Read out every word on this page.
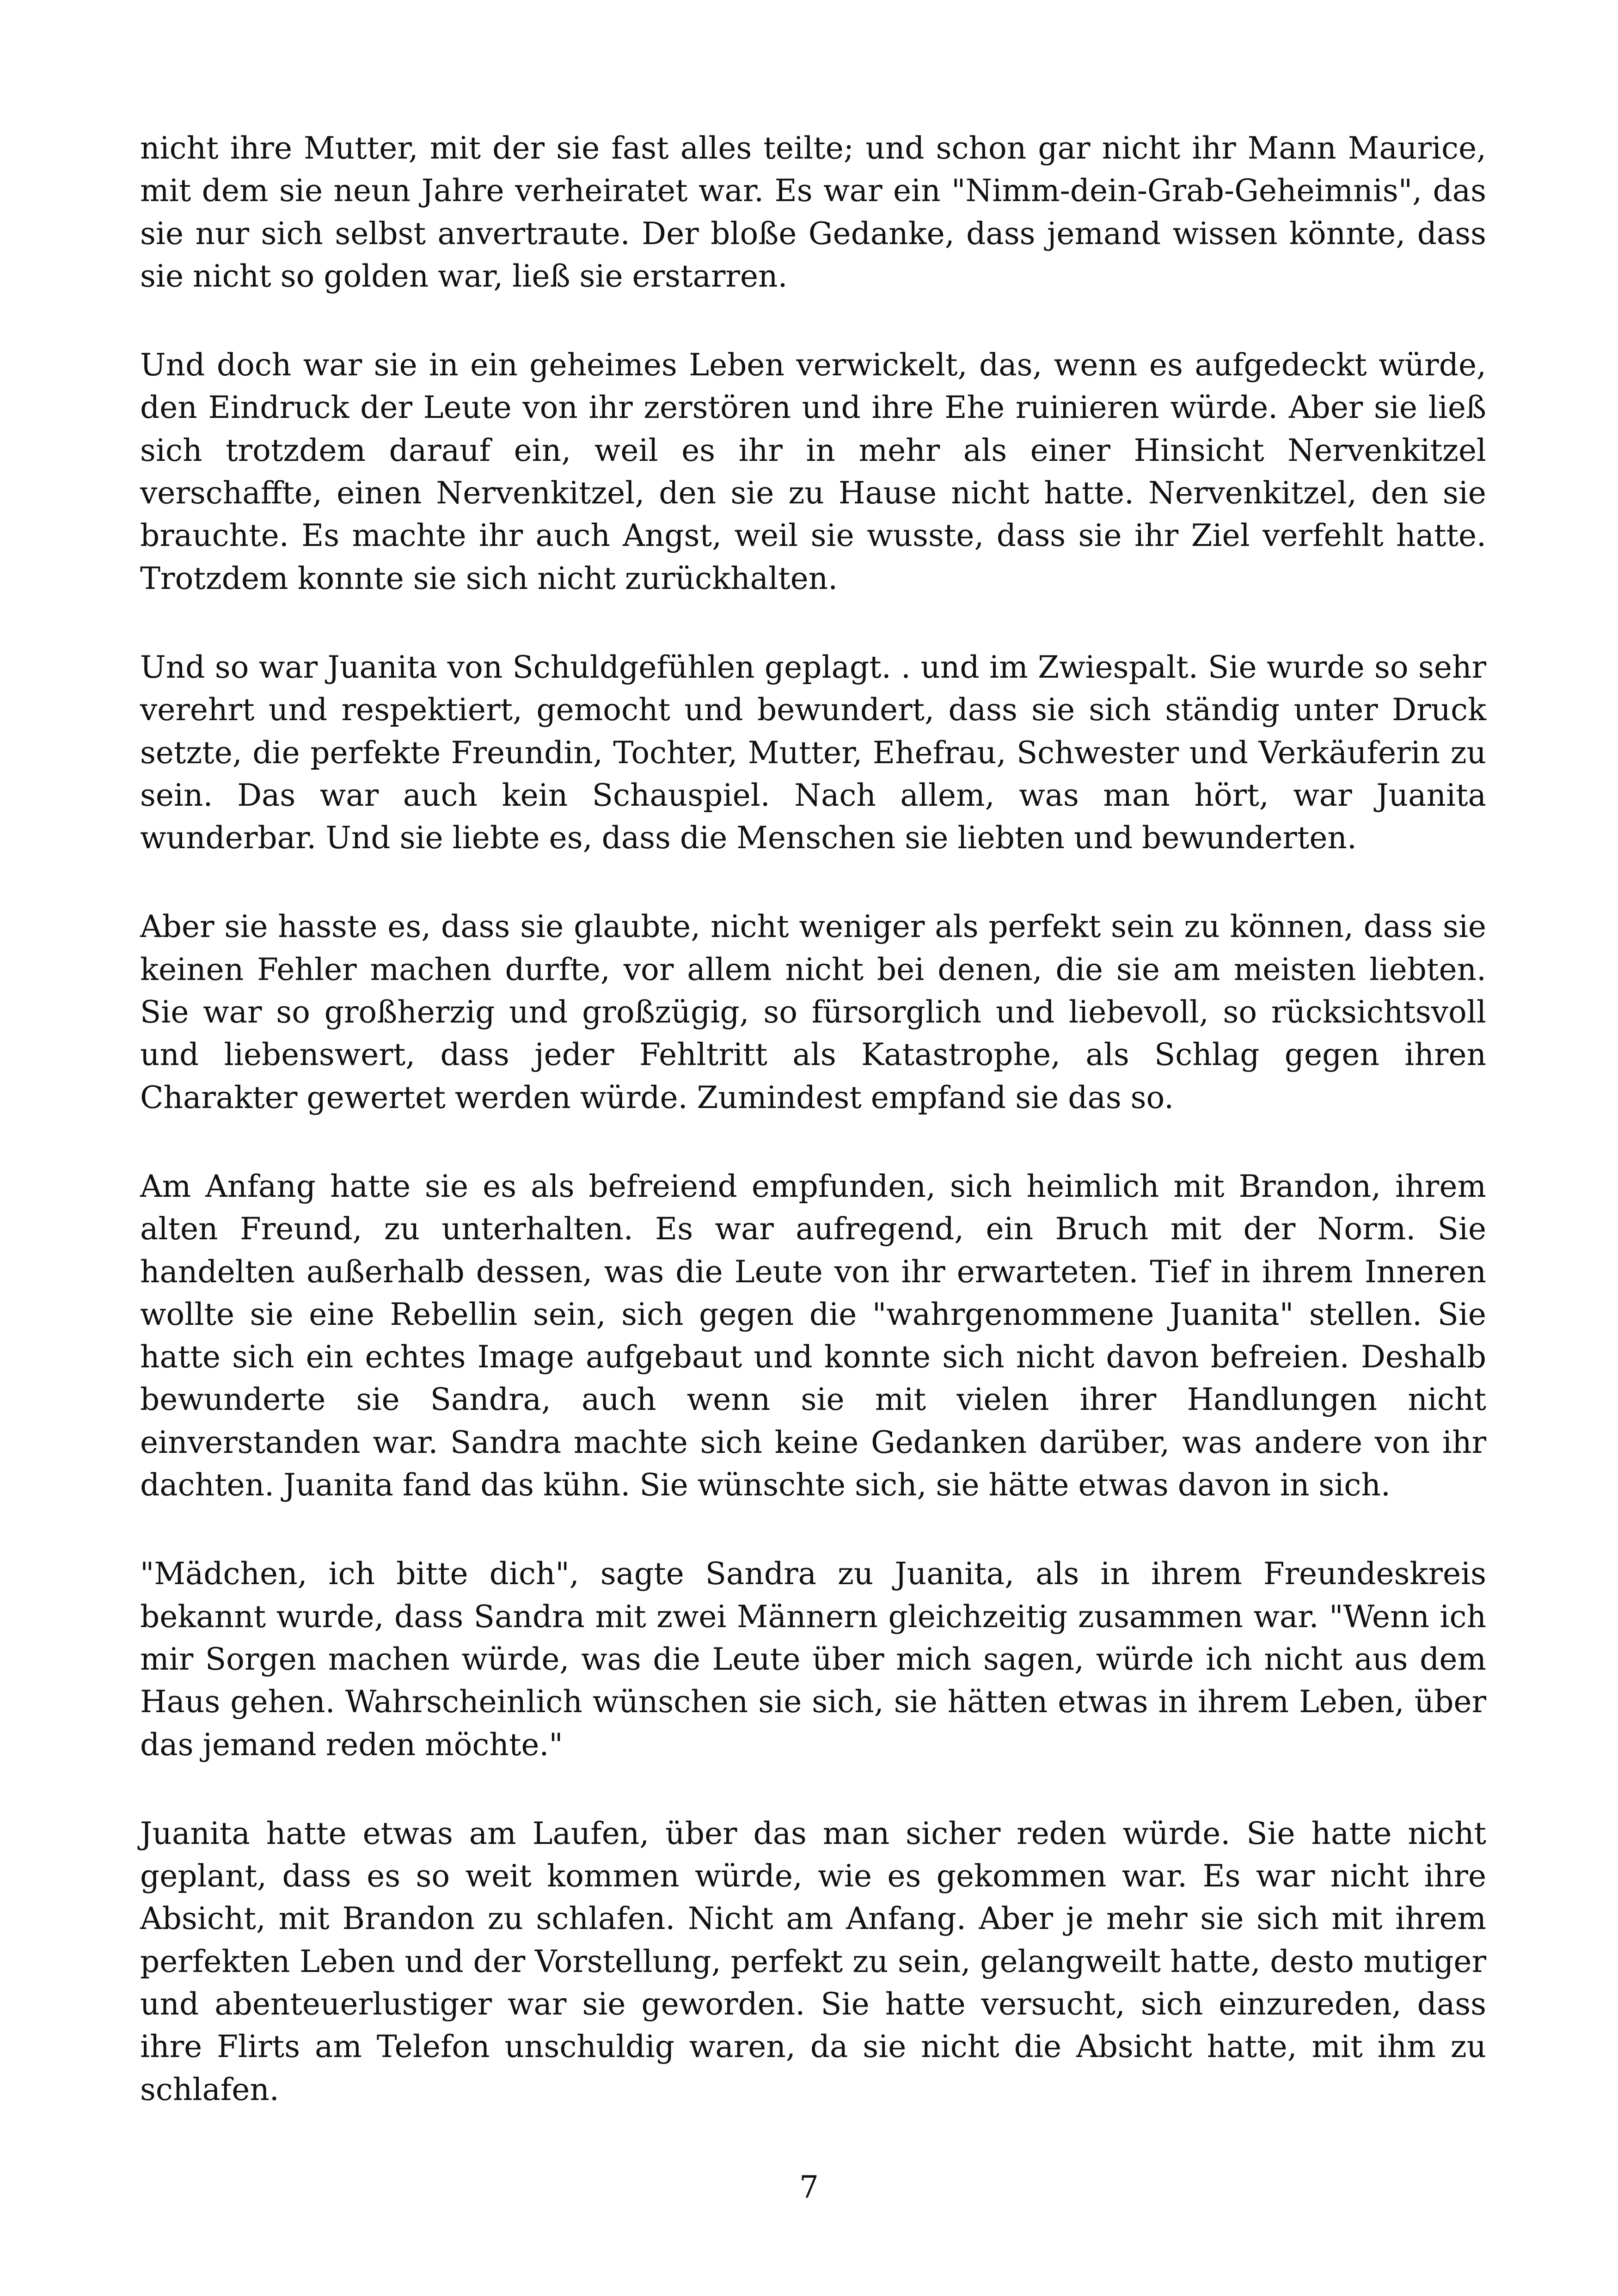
nicht ihre Mutter, mit der sie fast alles teilte; und schon gar nicht ihr Mann Maurice, mit dem sie neun Jahre verheiratet war. Es war ein "Nimm-dein-Grab-Geheimnis", das sie nur sich selbst anvertraute. Der bloße Gedanke, dass jemand wissen könnte, dass sie nicht so golden war, ließ sie erstarren.

Und doch war sie in ein geheimes Leben verwickelt, das, wenn es aufgedeckt würde, den Eindruck der Leute von ihr zerstören und ihre Ehe ruinieren würde. Aber sie ließ sich trotzdem darauf ein, weil es ihr in mehr als einer Hinsicht Nervenkitzel verschaffte, einen Nervenkitzel, den sie zu Hause nicht hatte. Nervenkitzel, den sie brauchte. Es machte ihr auch Angst, weil sie wusste, dass sie ihr Ziel verfehlt hatte. Trotzdem konnte sie sich nicht zurückhalten.

Und so war Juanita von Schuldgefühlen geplagt. . und im Zwiespalt. Sie wurde so sehr verehrt und respektiert, gemocht und bewundert, dass sie sich ständig unter Druck setzte, die perfekte Freundin, Tochter, Mutter, Ehefrau, Schwester und Verkäuferin zu sein. Das war auch kein Schauspiel. Nach allem, was man hört, war Juanita wunderbar. Und sie liebte es, dass die Menschen sie liebten und bewunderten.

Aber sie hasste es, dass sie glaubte, nicht weniger als perfekt sein zu können, dass sie keinen Fehler machen durfte, vor allem nicht bei denen, die sie am meisten liebten. Sie war so großherzig und großzügig, so fürsorglich und liebevoll, so rücksichtsvoll und liebenswert, dass jeder Fehltritt als Katastrophe, als Schlag gegen ihren Charakter gewertet werden würde. Zumindest empfand sie das so.

Am Anfang hatte sie es als befreiend empfunden, sich heimlich mit Brandon, ihrem alten Freund, zu unterhalten. Es war aufregend, ein Bruch mit der Norm. Sie handelten außerhalb dessen, was die Leute von ihr erwarteten. Tief in ihrem Inneren wollte sie eine Rebellin sein, sich gegen die "wahrgenommene Juanita" stellen. Sie hatte sich ein echtes Image aufgebaut und konnte sich nicht davon befreien. Deshalb bewunderte sie Sandra, auch wenn sie mit vielen ihrer Handlungen nicht einverstanden war. Sandra machte sich keine Gedanken darüber, was andere von ihr dachten. Juanita fand das kühn. Sie wünschte sich, sie hätte etwas davon in sich.

"Mädchen, ich bitte dich", sagte Sandra zu Juanita, als in ihrem Freundeskreis bekannt wurde, dass Sandra mit zwei Männern gleichzeitig zusammen war. "Wenn ich mir Sorgen machen würde, was die Leute über mich sagen, würde ich nicht aus dem Haus gehen. Wahrscheinlich wünschen sie sich, sie hätten etwas in ihrem Leben, über das jemand reden möchte."

Juanita hatte etwas am Laufen, über das man sicher reden würde. Sie hatte nicht geplant, dass es so weit kommen würde, wie es gekommen war. Es war nicht ihre Absicht, mit Brandon zu schlafen. Nicht am Anfang. Aber je mehr sie sich mit ihrem perfekten Leben und der Vorstellung, perfekt zu sein, gelangweilt hatte, desto mutiger und abenteuerlustiger war sie geworden. Sie hatte versucht, sich einzureden, dass ihre Flirts am Telefon unschuldig waren, da sie nicht die Absicht hatte, mit ihm zu schlafen.

7
